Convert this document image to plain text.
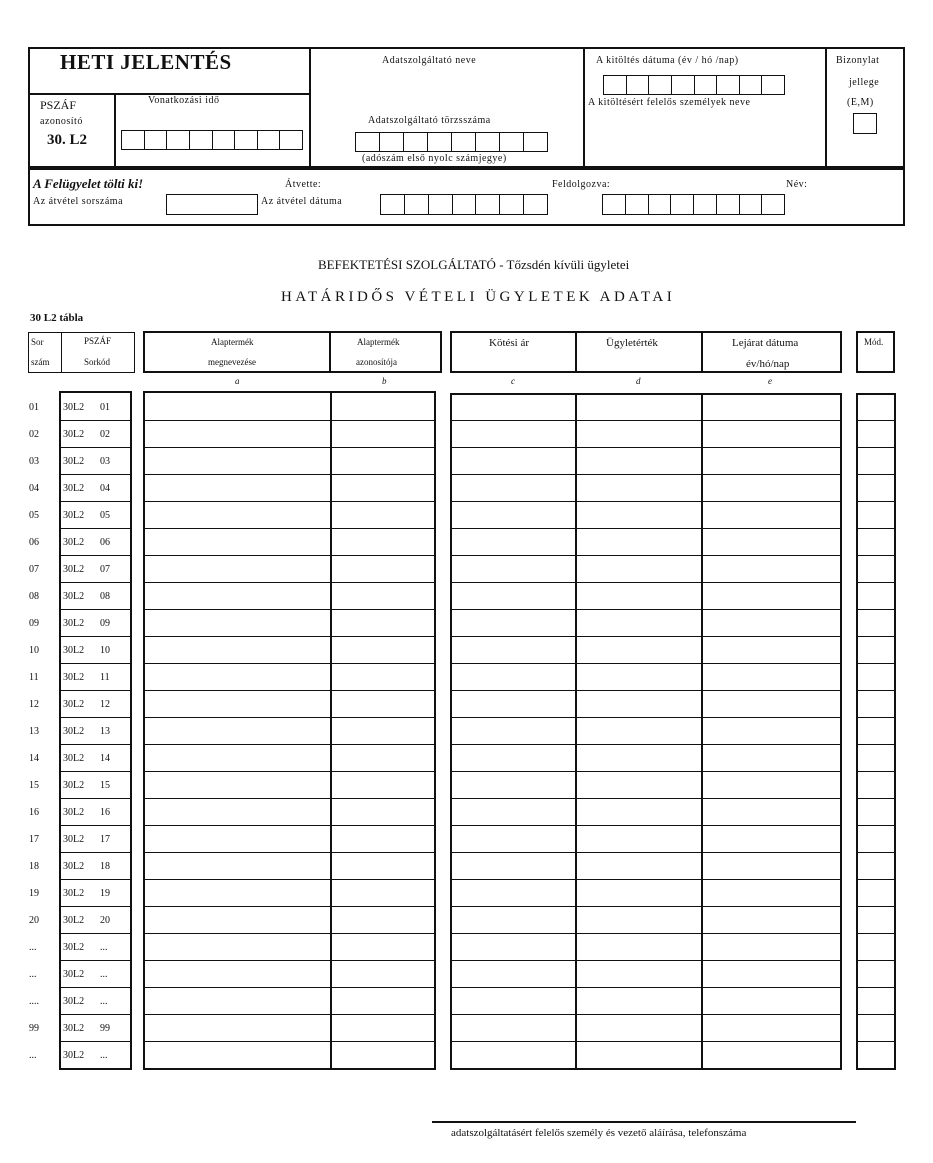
HETI JELENTÉS
PSZÁF
azonosító
30. L2
Vonatkozási idő
Adatszolgáltató neve
Adatszolgáltató törzsszáma
(adószám első nyolc számjegye)
A kitöltés dátuma (év / hó /nap)
A kitöltésért felelős személyek neve
Bizonylat
jellege
(E,M)
A Felügyelet tölti ki!
Az átvétel sorszáma
Átvette:
Az átvétel dátuma
Feldolgozva:	Név:
BEFEKTETÉSI SZOLGÁLTATÓ - Tőzsdén kívüli ügyletei
HATÁRIDŐS VÉTELI ÜGYLETEK ADATAI
30 L2 tábla
Sor
szám
PSZÁF
Sorkód
Alaptermék
megnevezése
Alaptermék
azonosítója
Kötési ár	Ügyletérték	Lejárat dátuma
év/hó/nap
Mód.
a	b	c	d	e
01 30L2 01
02 30L2 02
03 30L2 03
04 30L2 04
05 30L2 05
06 30L2 06
07 30L2 07
08 30L2 08
09 30L2 09
10 30L2 10
11 30L2 11
12 30L2 12
13 30L2 13
14 30L2 14
15 30L2 15
16 30L2 16
17 30L2 17
18 30L2 18
19 30L2 19
20 30L2 20
...	30L2 ...
...	30L2 ...
.... 30L2 ...
99 30L2 99
...	30L2 ...
adatszolgáltatásért felelős személy és vezető aláírása, telefonszáma
